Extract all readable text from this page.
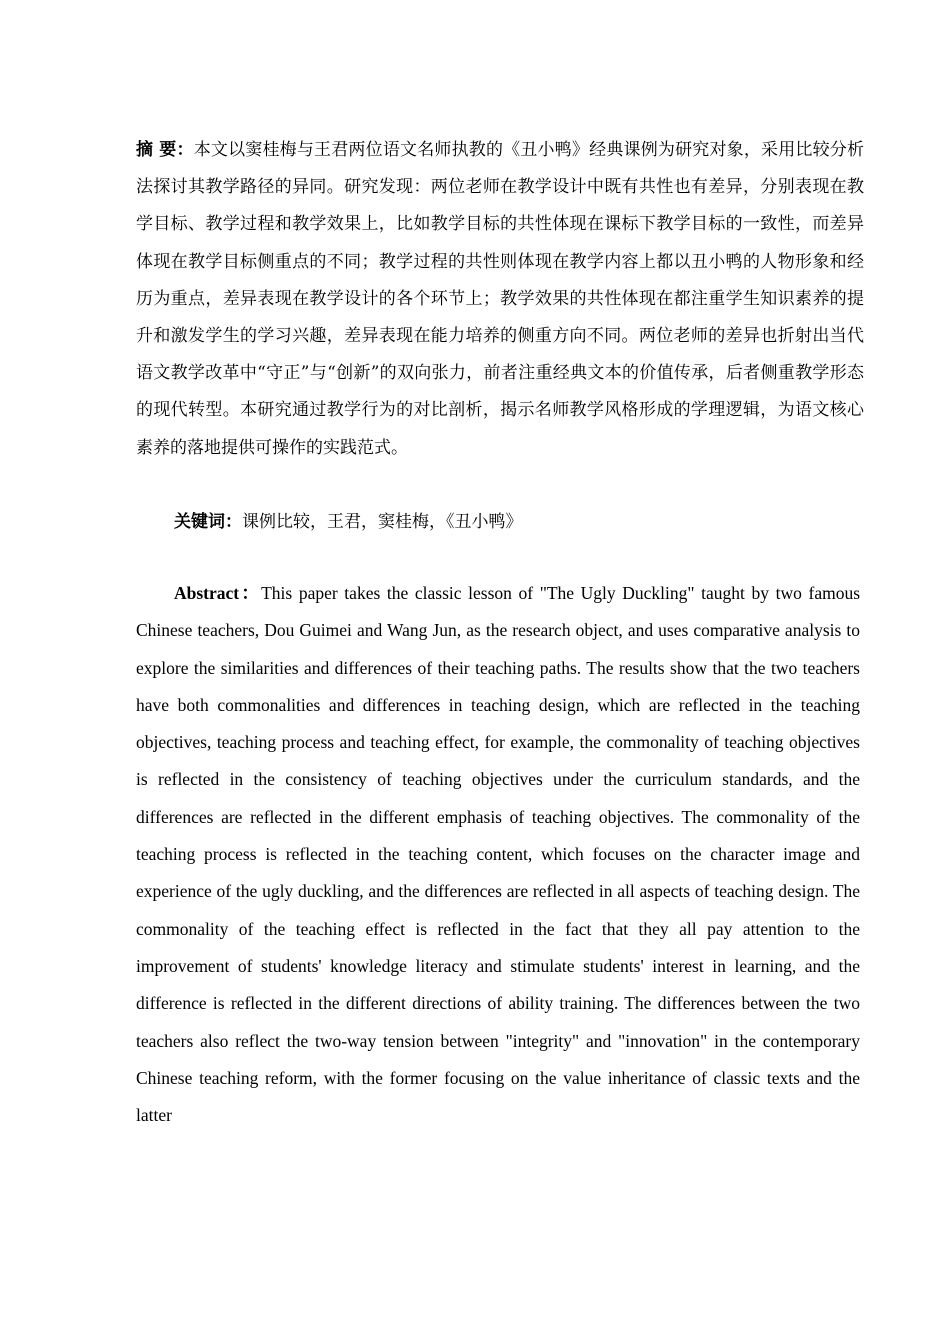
摘 要：本文以窦桂梅与王君两位语文名师执教的《丑小鸭》经典课例为研究对象，采用比较分析法探讨其教学路径的异同。研究发现：两位老师在教学设计中既有共性也有差异，分别表现在教学目标、教学过程和教学效果上，比如教学目标的共性体现在课标下教学目标的一致性，而差异体现在教学目标侧重点的不同；教学过程的共性则体现在教学内容上都以丑小鸭的人物形象和经历为重点，差异表现在教学设计的各个环节上；教学效果的共性体现在都注重学生知识素养的提升和激发学生的学习兴趣，差异表现在能力培养的侧重方向不同。两位老师的差异也折射出当代语文教学改革中“守正”与“创新”的双向张力，前者注重经典文本的价值传承，后者侧重教学形态的现代转型。本研究通过教学行为的对比剖析，揭示名师教学风格形成的学理逻辑，为语文核心素养的落地提供可操作的实践范式。

关键词：课例比较，王君，窦桂梅，《丑小鸭》

Abstract：This paper takes the classic lesson of "The Ugly Duckling" taught by two famous Chinese teachers, Dou Guimei and Wang Jun, as the research object, and uses comparative analysis to explore the similarities and differences of their teaching paths. The results show that the two teachers have both commonalities and differences in teaching design, which are reflected in the teaching objectives, teaching process and teaching effect, for example, the commonality of teaching objectives is reflected in the consistency of teaching objectives under the curriculum standards, and the differences are reflected in the different emphasis of teaching objectives. The commonality of the teaching process is reflected in the teaching content, which focuses on the character image and experience of the ugly duckling, and the differences are reflected in all aspects of teaching design. The commonality of the teaching effect is reflected in the fact that they all pay attention to the improvement of students' knowledge literacy and stimulate students' interest in learning, and the difference is reflected in the different directions of ability training. The differences between the two teachers also reflect the two-way tension between "integrity" and "innovation" in the contemporary Chinese teaching reform, with the former focusing on the value inheritance of classic texts and the latter
